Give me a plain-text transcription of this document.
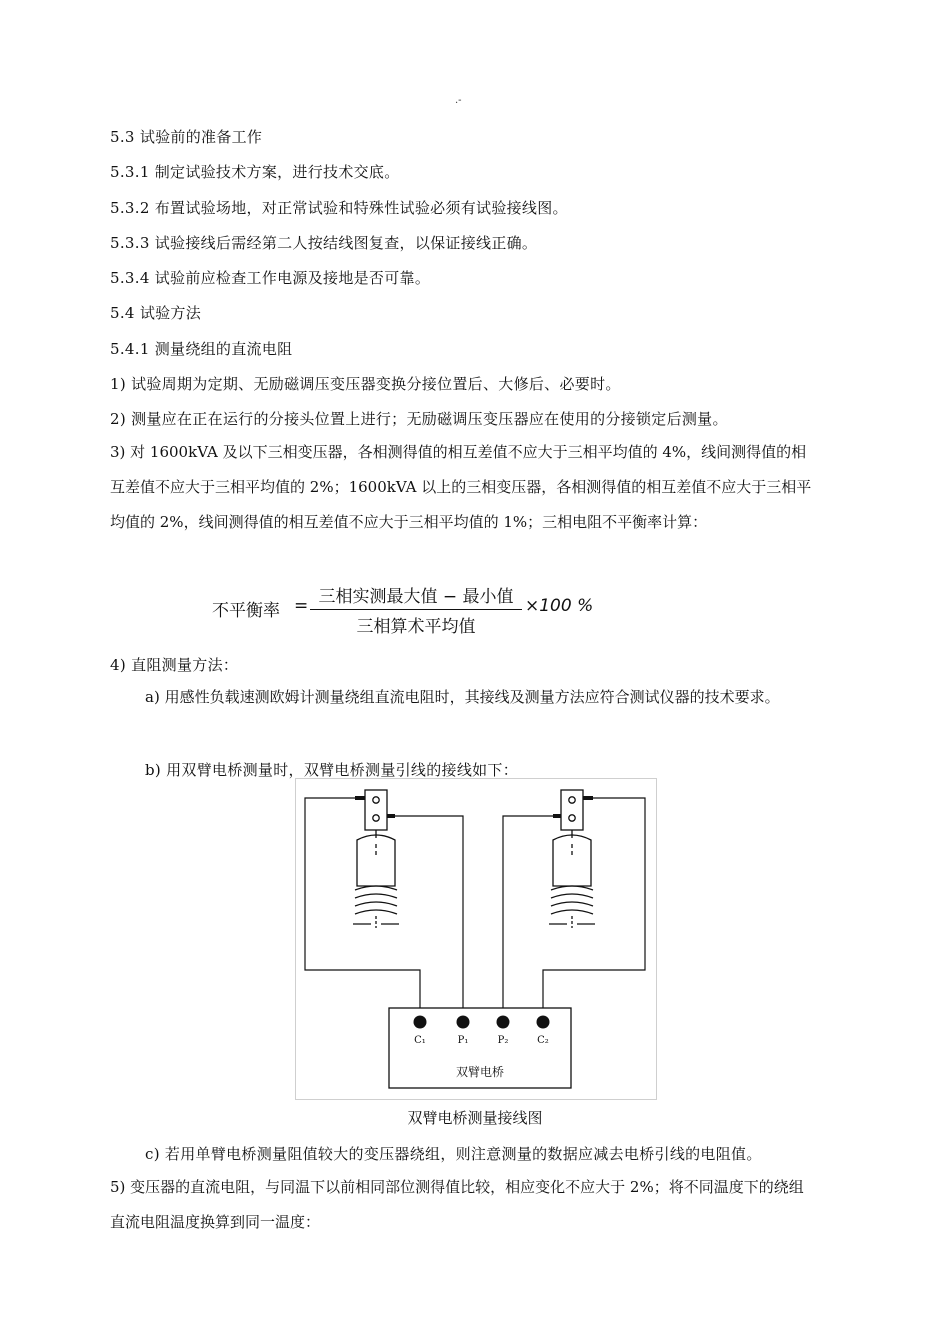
.-
5.3 试验前的准备工作
5.3.1 制定试验技术方案，进行技术交底。
5.3.2 布置试验场地，对正常试验和特殊性试验必须有试验接线图。
5.3.3 试验接线后需经第二人按结线图复查，以保证接线正确。
5.3.4 试验前应检查工作电源及接地是否可靠。
5.4 试验方法
5.4.1 测量绕组的直流电阻
1) 试验周期为定期、无励磁调压变压器变换分接位置后、大修后、必要时。
2) 测量应在正在运行的分接头位置上进行；无励磁调压变压器应在使用的分接锁定后测量。
3) 对 1600kVA 及以下三相变压器，各相测得值的相互差值不应大于三相平均值的 4%，线间测得值的相互差值不应大于三相平均值的 2%；1600kVA 以上的三相变压器，各相测得值的相互差值不应大于三相平均值的 2%，线间测得值的相互差值不应大于三相平均值的 1%；三相电阻不平衡率计算：
不平衡率 = 三相实测最大值 − 最小值
三相算术平均值
×100 %
4) 直阻测量方法：
a) 用感性负载速测欧姆计测量绕组直流电阻时，其接线及测量方法应符合测试仪器的技术要求。
b) 用双臂电桥测量时，双臂电桥测量引线的接线如下：
C₁	P₁	P₂	C₂
双臂电桥
双臂电桥测量接线图
c) 若用单臂电桥测量阻值较大的变压器绕组，则注意测量的数据应减去电桥引线的电阻值。
5) 变压器的直流电阻，与同温下以前相同部位测得值比较，相应变化不应大于 2%；将不同温度下的绕组直流电阻温度换算到同一温度：
